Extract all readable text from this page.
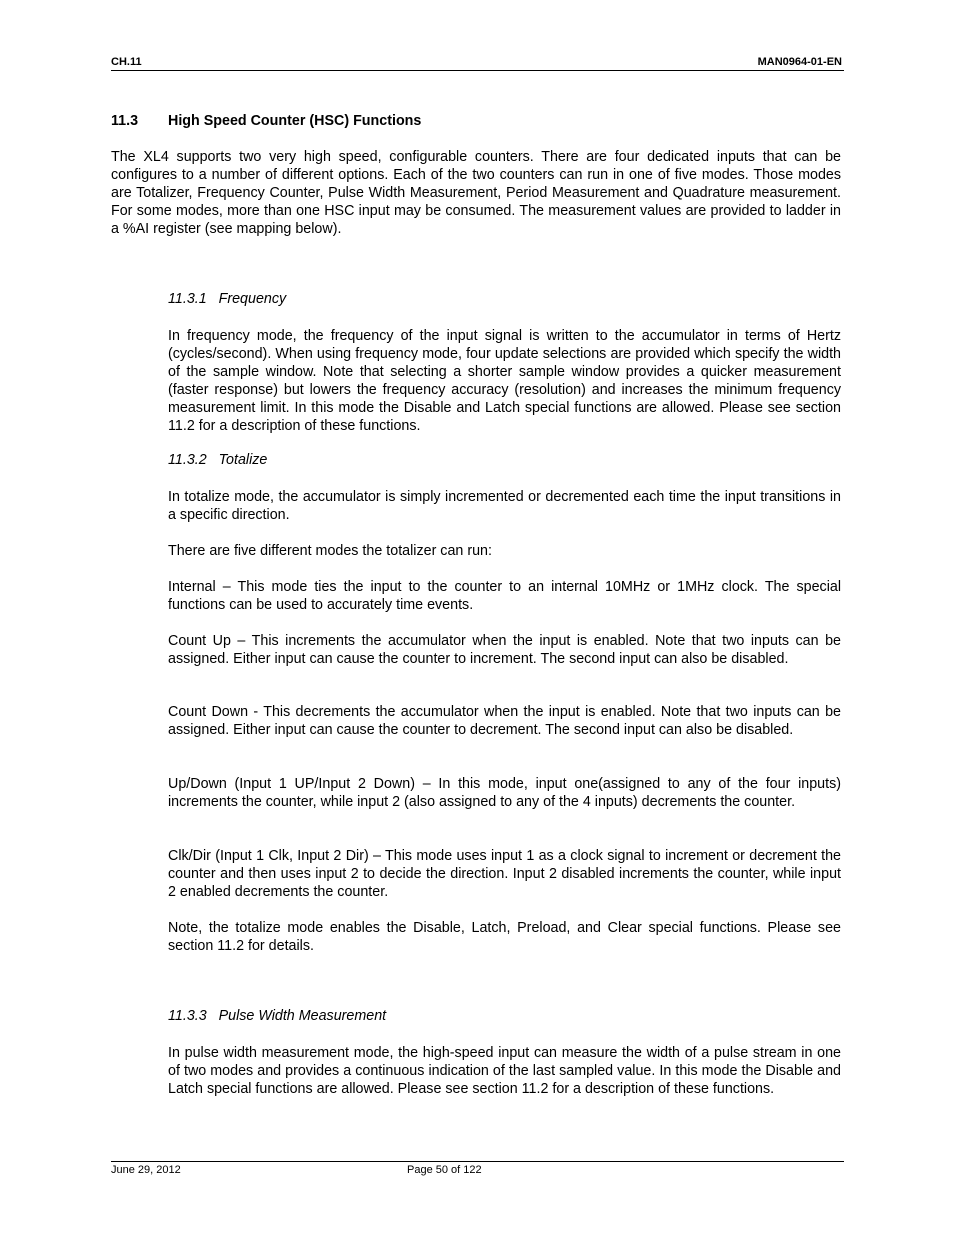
CH.11	MAN0964-01-EN
11.3 High Speed Counter (HSC) Functions

The XL4 supports two very high speed, configurable counters. There are four dedicated inputs that can be configures to a number of different options. Each of the two counters can run in one of five modes. Those modes are Totalizer, Frequency Counter, Pulse Width Measurement, Period Measurement and Quadrature measurement. For some modes, more than one HSC input may be consumed. The measurement values are provided to ladder in a %AI register (see mapping below).

11.3.1   Frequency

In frequency mode, the frequency of the input signal is written to the accumulator in terms of Hertz (cycles/second). When using frequency mode, four update selections are provided which specify the width of the sample window. Note that selecting a shorter sample window provides a quicker measurement (faster response) but lowers the frequency accuracy (resolution) and increases the minimum frequency measurement limit. In this mode the Disable and Latch special functions are allowed. Please see section 11.2 for a description of these functions.

11.3.2   Totalize

In totalize mode, the accumulator is simply incremented or decremented each time the input transitions in a specific direction.

There are five different modes the totalizer can run:

Internal – This mode ties the input to the counter to an internal 10MHz or 1MHz clock. The special functions can be used to accurately time events.

Count Up – This increments the accumulator when the input is enabled. Note that two inputs can be assigned. Either input can cause the counter to increment. The second input can also be disabled.

Count Down - This decrements the accumulator when the input is enabled. Note that two inputs can be assigned. Either input can cause the counter to decrement. The second input can also be disabled.

Up/Down (Input 1 UP/Input 2 Down) – In this mode, input one(assigned to any of the four inputs) increments the counter, while input 2 (also assigned to any of the 4 inputs) decrements the counter.

Clk/Dir (Input 1 Clk, Input 2 Dir) – This mode uses input 1 as a clock signal to increment or decrement the counter and then uses input 2 to decide the direction. Input 2 disabled increments the counter, while input 2 enabled decrements the counter.

Note, the totalize mode enables the Disable, Latch, Preload, and Clear special functions. Please see section 11.2 for details.

11.3.3   Pulse Width Measurement

In pulse width measurement mode, the high-speed input can measure the width of a pulse stream in one of two modes and provides a continuous indication of the last sampled value. In this mode the Disable and Latch special functions are allowed. Please see section 11.2 for a description of these functions.

June 29, 2012	Page 50 of 122
